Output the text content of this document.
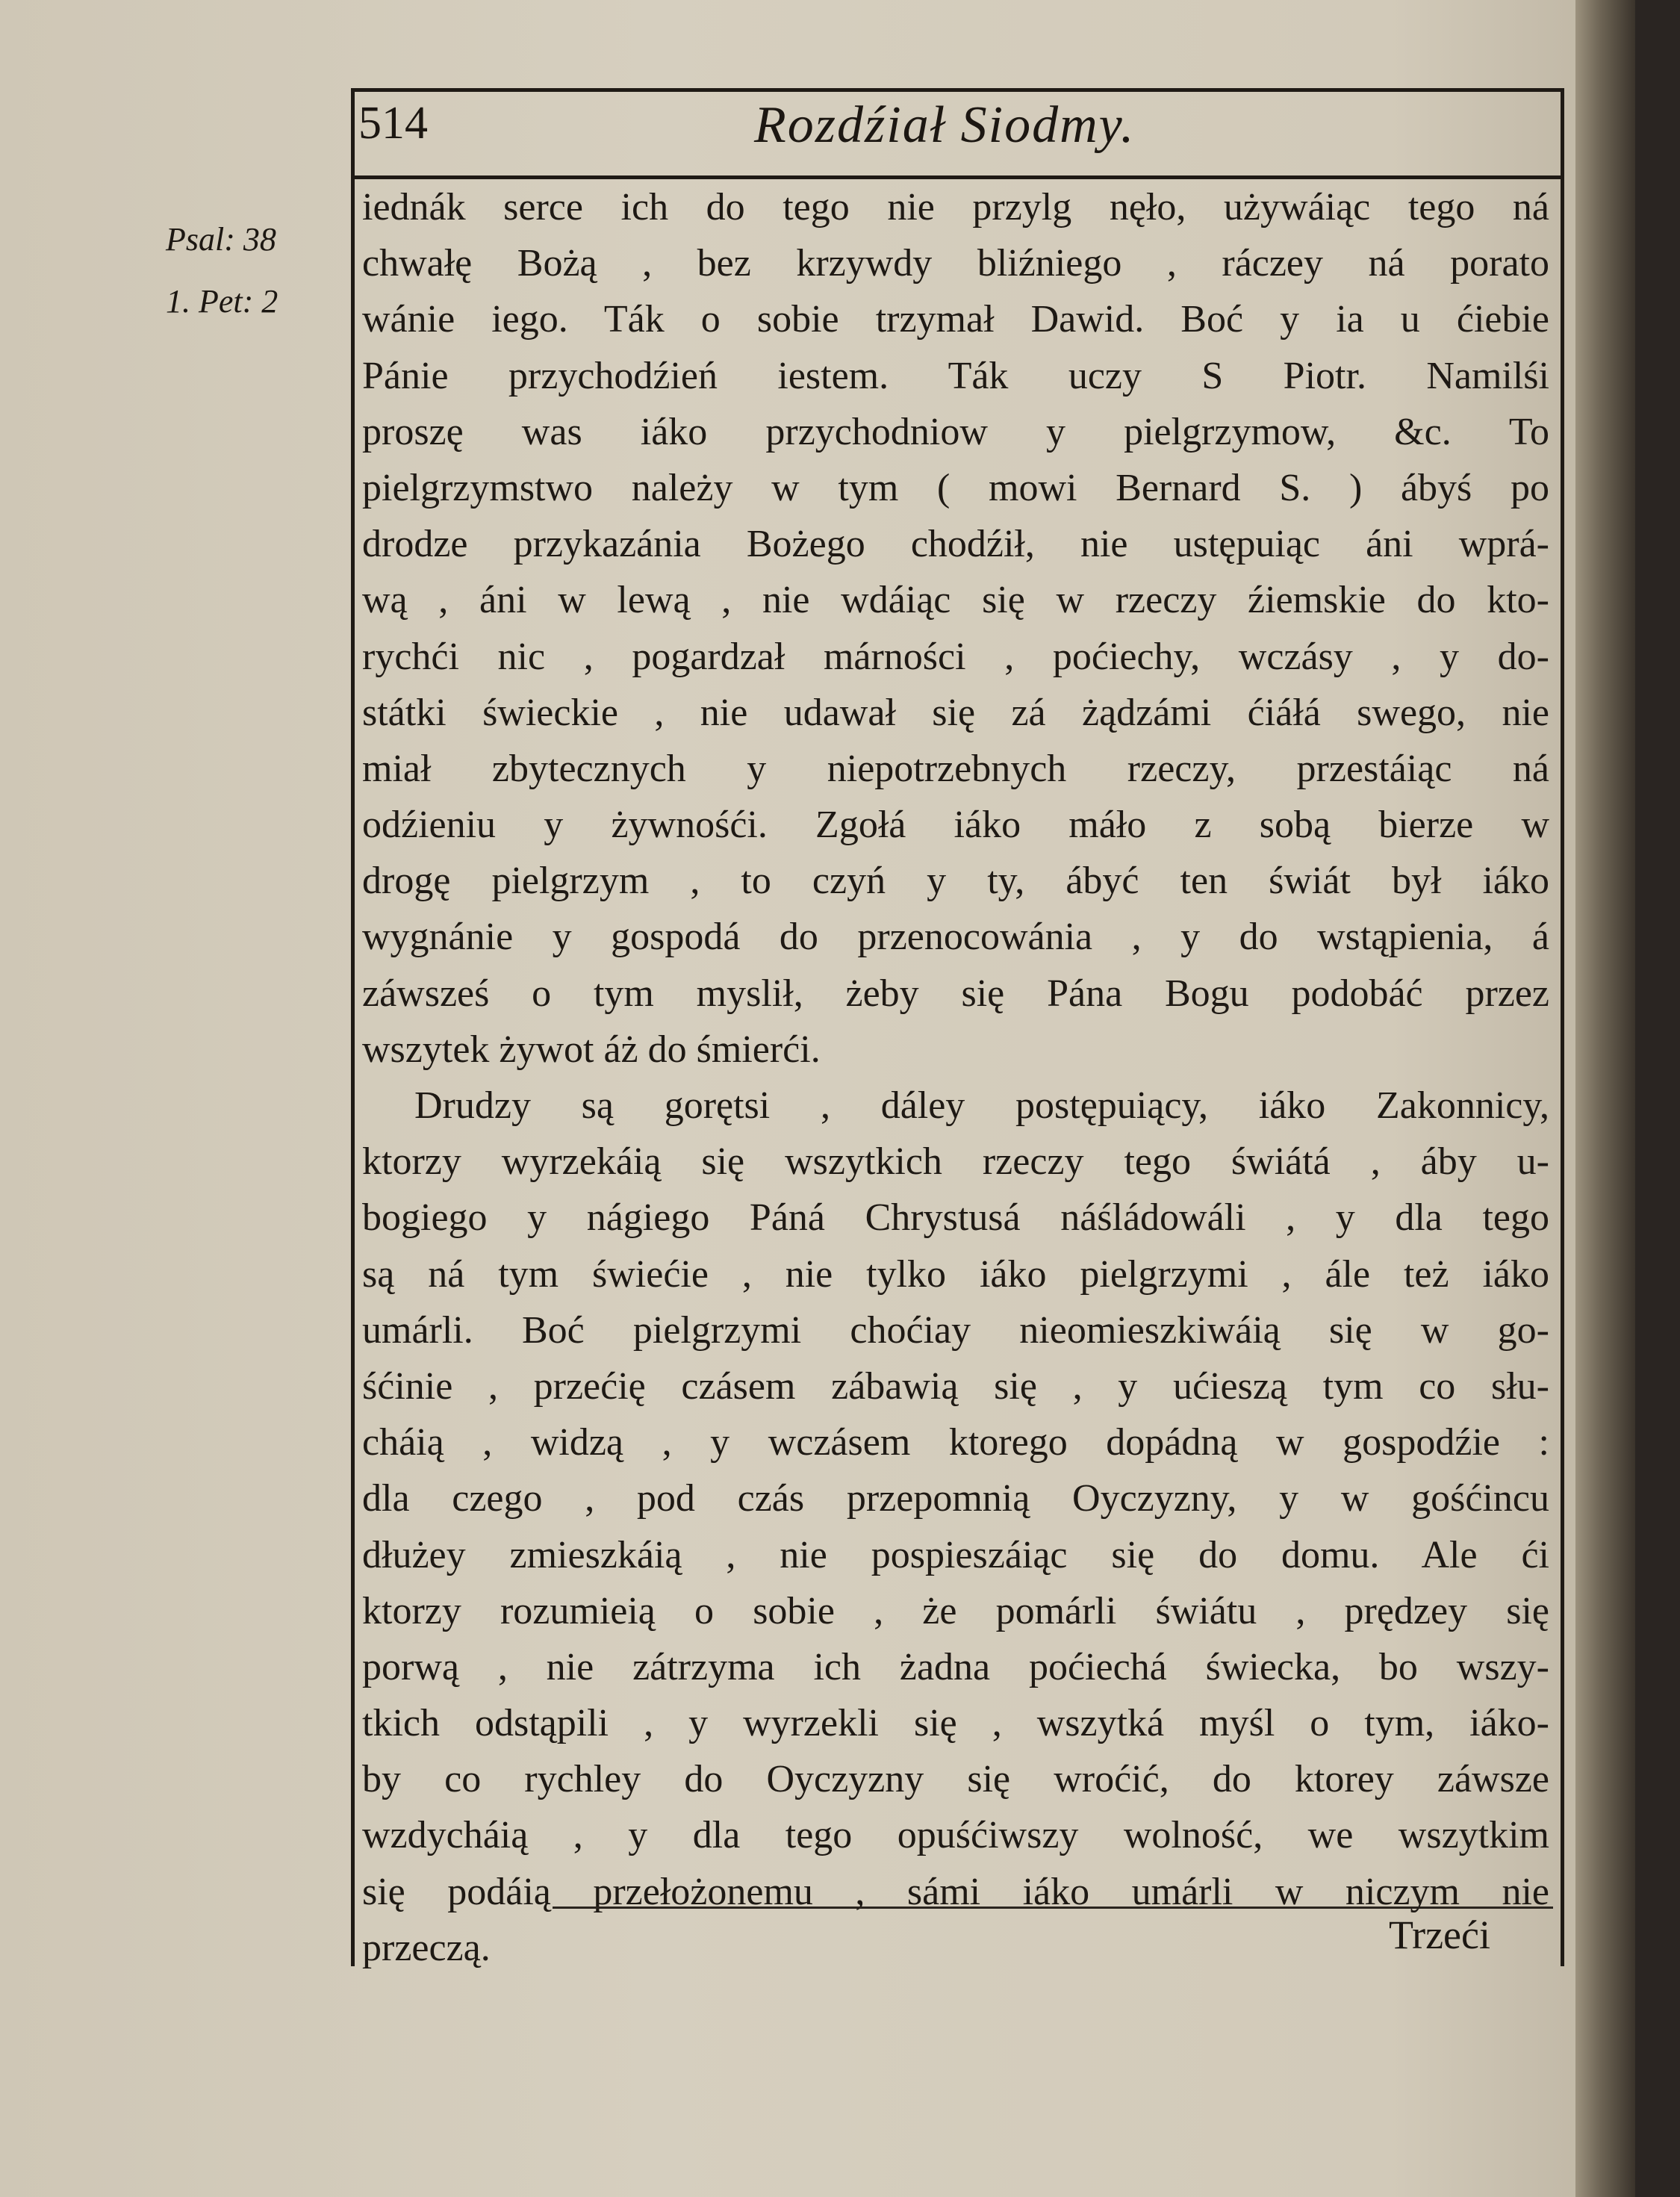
514	Rozdźiał Siodmy.
Psal: 38
1. Pet: 2
iednák serce ich do tego nie przylg nęło, używáiąc tego ná
chwałę Bożą , bez krzywdy bliźniego , ráczey ná porato
wánie iego. Ták o sobie trzymał Dawid. Boć y ia u ćiebie
Pánie przychodźień iestem. Ták uczy S Piotr. Namilśi
proszę was iáko przychodniow y pielgrzymow, &c. To
pielgrzymstwo należy w tym ( mowi Bernard S. ) ábyś po
drodze przykazánia Bożego chodźił, nie ustępuiąc áni wprá-
wą , áni w lewą , nie wdáiąc się w rzeczy źiemskie do kto-
rychći nic , pogardzał márności , poćiechy, wczásy , y do-
státki świeckie , nie udawał się zá żądzámi ćiáłá swego, nie
miał zbytecznych y niepotrzebnych rzeczy, przestáiąc ná
odźieniu y żywnośći. Zgołá iáko máło z sobą bierze w
drogę pielgrzym , to czyń y ty, ábyć ten świát był iáko
wygnánie y gospodá do przenocowánia , y do wstąpienia, á
záwsześ o tym myslił, żeby się Pána Bogu podobáć przez
wszytek żywot áż do śmierći.
Drudzy są gorętsi , dáley postępuiący, iáko Zakonnicy,
ktorzy wyrzekáią się wszytkich rzeczy tego świátá , áby u-
bogiego y nágiego Páná Chrystusá náśládowáli , y dla tego
są ná tym świećie , nie tylko iáko pielgrzymi , ále też iáko
umárli. Boć pielgrzymi choćiay nieomieszkiwáią się w go-
śćinie , przećię czásem zábawią się , y ućieszą tym co słu-
cháią , widzą , y wczásem ktorego dopádną w gospodźie :
dla czego , pod czás przepomnią Oyczyzny, y w gośćincu
dłużey zmieszkáią , nie pospieszáiąc się do domu. Ale ći
ktorzy rozumieią o sobie , że pomárli świátu , prędzey się
porwą , nie zátrzyma ich żadna poćiechá świecka, bo wszy-
tkich odstąpili , y wyrzekli się , wszytká myśl o tym, iáko-
by co rychley do Oyczyzny się wroćić, do ktorey záwsze
wzdycháią , y dla tego opuśćiwszy wolność, we wszytkim
się podáią przełożonemu , sámi iáko umárli w niczym nie
przeczą.	Trzeći
